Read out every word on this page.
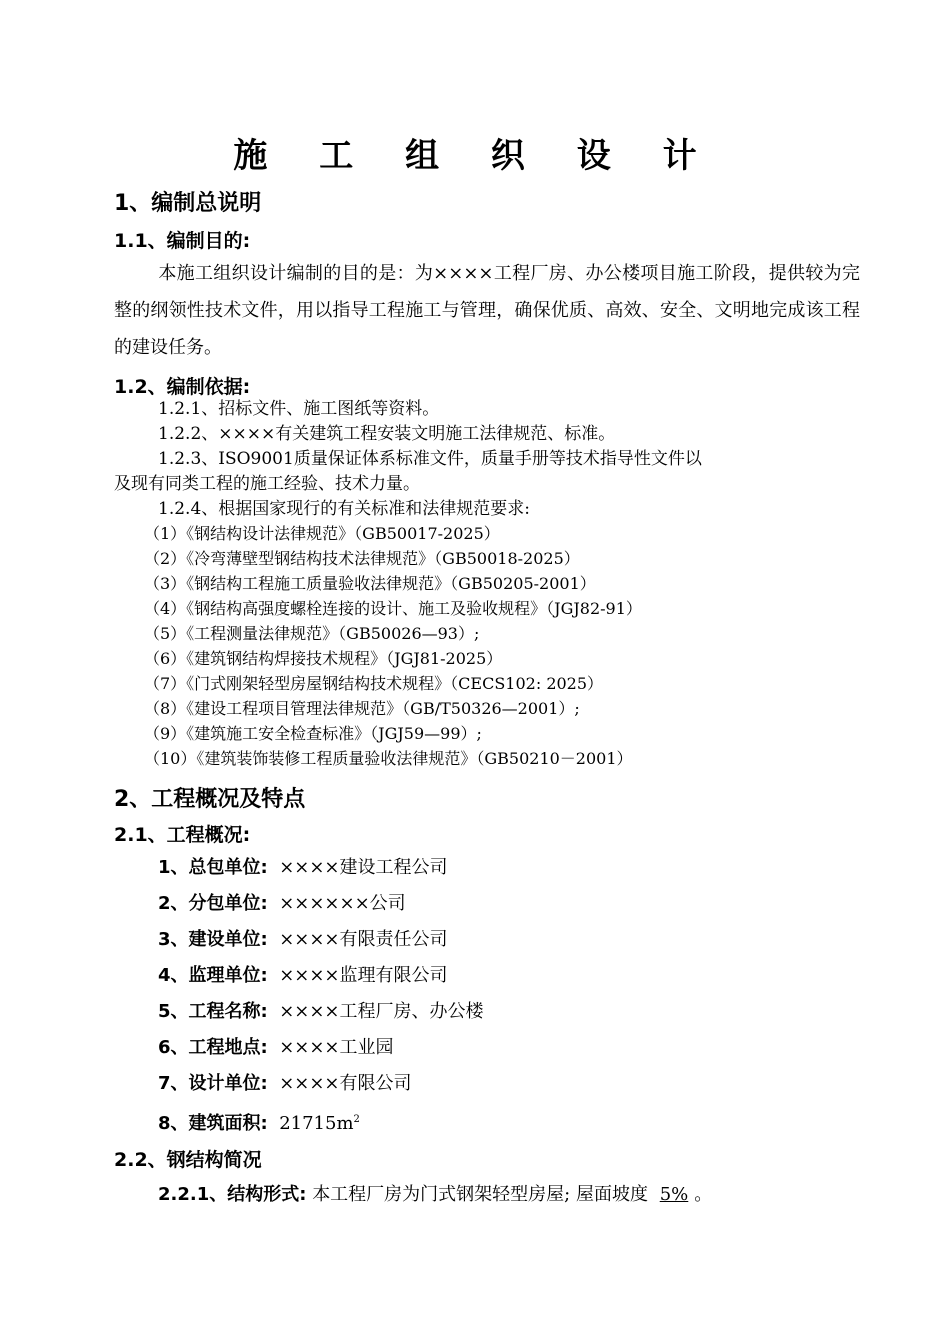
施 工 组 织 设 计
1、编制总说明
1.1、编制目的:
本施工组织设计编制的目的是：为××××工程厂房、办公楼项目施工阶段，提供较为完整的纲领性技术文件，用以指导工程施工与管理，确保优质、高效、安全、文明地完成该工程的建设任务。
1.2、编制依据:
1.2.1、招标文件、施工图纸等资料。
1.2.2、××××有关建筑工程安装文明施工法律规范、标准。
1.2.3、ISO9001质量保证体系标准文件，质量手册等技术指导性文件以
及现有同类工程的施工经验、技术力量。
1.2.4、根据国家现行的有关标准和法律规范要求:
（1）《钢结构设计法律规范》（GB50017-2025）
（2）《冷弯薄壁型钢结构技术法律规范》（GB50018-2025）
（3）《钢结构工程施工质量验收法律规范》（GB50205-2001）
（4）《钢结构高强度螺栓连接的设计、施工及验收规程》（JGJ82-91）
（5）《工程测量法律规范》（GB50026—93）;
（6）《建筑钢结构焊接技术规程》（JGJ81-2025）
（7）《门式刚架轻型房屋钢结构技术规程》（CECS102: 2025）
（8）《建设工程项目管理法律规范》（GB/T50326—2001）;
（9）《建筑施工安全检查标准》（JGJ59—99）;
（10）《建筑装饰装修工程质量验收法律规范》（GB50210－2001）
2、工程概况及特点
2.1、工程概况:
1、总包单位: ××××建设工程公司
2、分包单位: ××××××公司
3、建设单位: ××××有限责任公司
4、监理单位: ××××监理有限公司
5、工程名称: ××××工程厂房、办公楼
6、工程地点: ××××工业园
7、设计单位: ××××有限公司
8、建筑面积: $21715m^2$
2.2、钢结构简况
2.2.1、结构形式: 本工程厂房为门式钢架轻型房屋; 屋面坡度 5% 。
